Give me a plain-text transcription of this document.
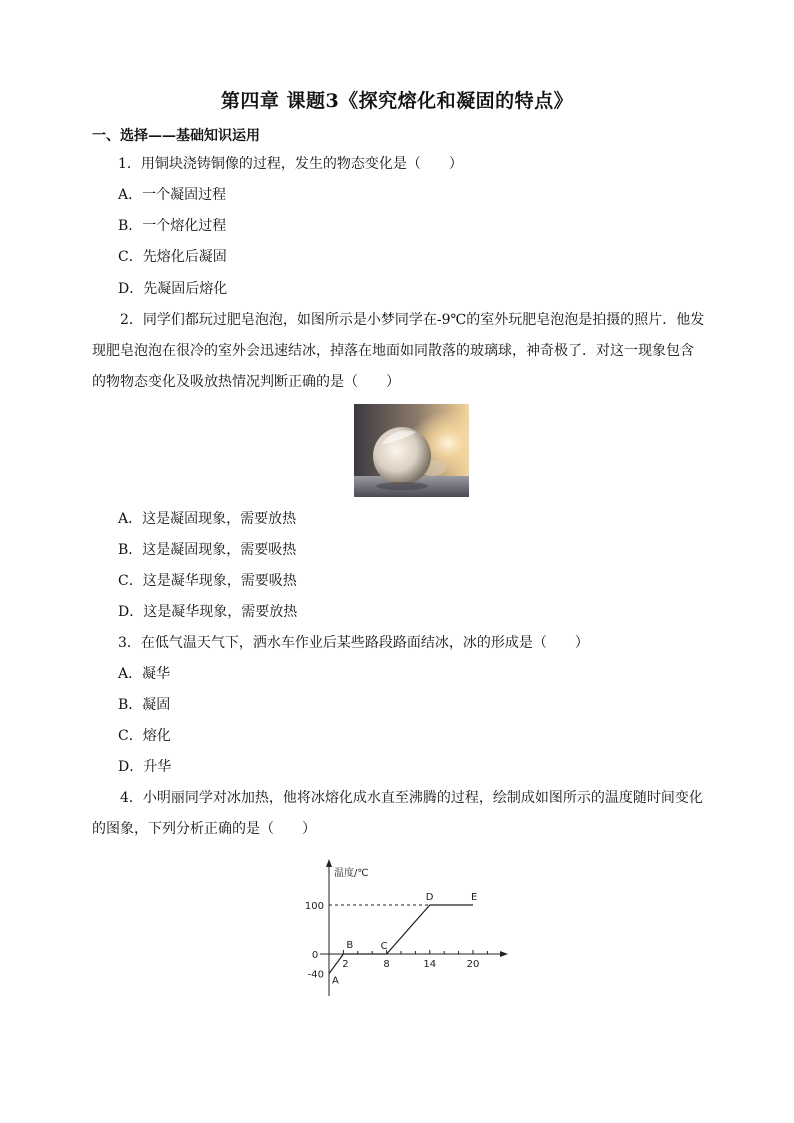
第四章 课题3《探究熔化和凝固的特点》
一、选择——基础知识运用
1．用铜块浇铸铜像的过程，发生的物态变化是（　　）
A．一个凝固过程
B．一个熔化过程
C．先熔化后凝固
D．先凝固后熔化
2．同学们都玩过肥皂泡泡，如图所示是小梦同学在-9℃的室外玩肥皂泡泡是拍摄的照片．他发现肥皂泡泡在很冷的室外会迅速结冰，掉落在地面如同散落的玻璃球，神奇极了．对这一现象包含的物物态变化及吸放热情况判断正确的是（　　）
A．这是凝固现象，需要放热
B．这是凝固现象，需要吸热
C．这是凝华现象，需要吸热
D．这是凝华现象，需要放热
3．在低气温天气下，洒水车作业后某些路段路面结冰，冰的形成是（　　）
A．凝华
B．凝固
C．熔化
D．升华
4．小明丽同学对冰加热，他将冰熔化成水直至沸腾的过程，绘制成如图所示的温度随时间变化的图象，下列分析正确的是（　　）
温度/℃
0
2	8	14	20
100
-40
A
B	C
D	E
